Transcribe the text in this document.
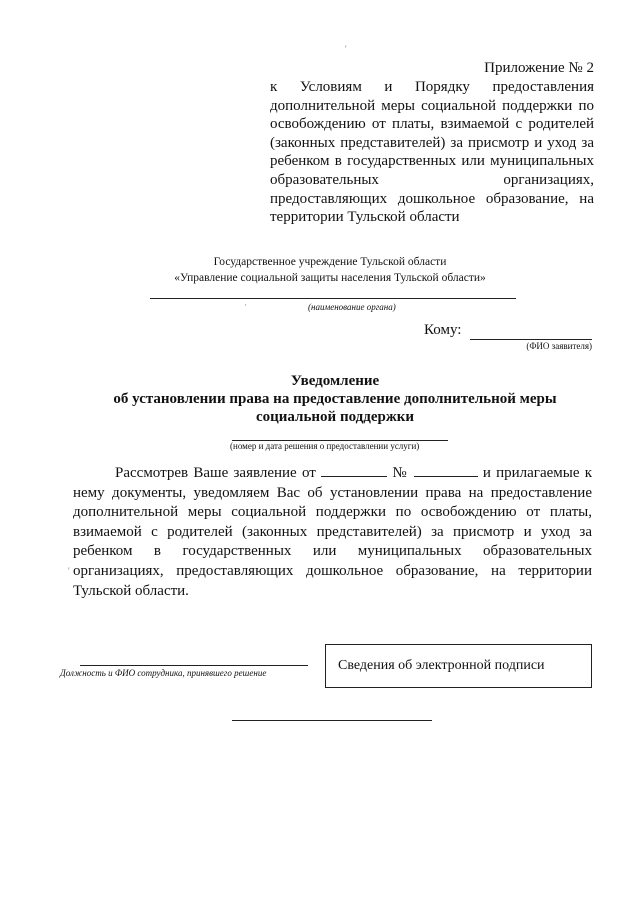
'
Приложение № 2
к Условиям и Порядку предоставления дополнительной меры социальной поддержки по освобождению от платы, взимаемой с родителей (законных представителей) за присмотр и уход за ребенком в государственных или муниципальных образовательных организациях, предоставляющих дошкольное образование, на территории Тульской области
Государственное учреждение Тульской области
«Управление социальной защиты населения Тульской области»
·	(наименование органа)
Кому:
(ФИО заявителя)
Уведомление
об установлении права на предоставление дополнительной меры
социальной поддержки
(номер и дата решения о предоставлении услуги)
Рассмотрев Ваше заявление от	№	и прилагаемые к нему документы, уведомляем Вас об установлении права на предоставление дополнительной меры социальной поддержки по освобождению от платы, взимаемой с родителей (законных представителей) за присмотр и уход за ребенком в государственных или муниципальных образовательных организациях, предоставляющих дошкольное образование, на территории Тульской области.
'
Должность и ФИО сотрудника, принявшего решение	Сведения об электронной подписи
